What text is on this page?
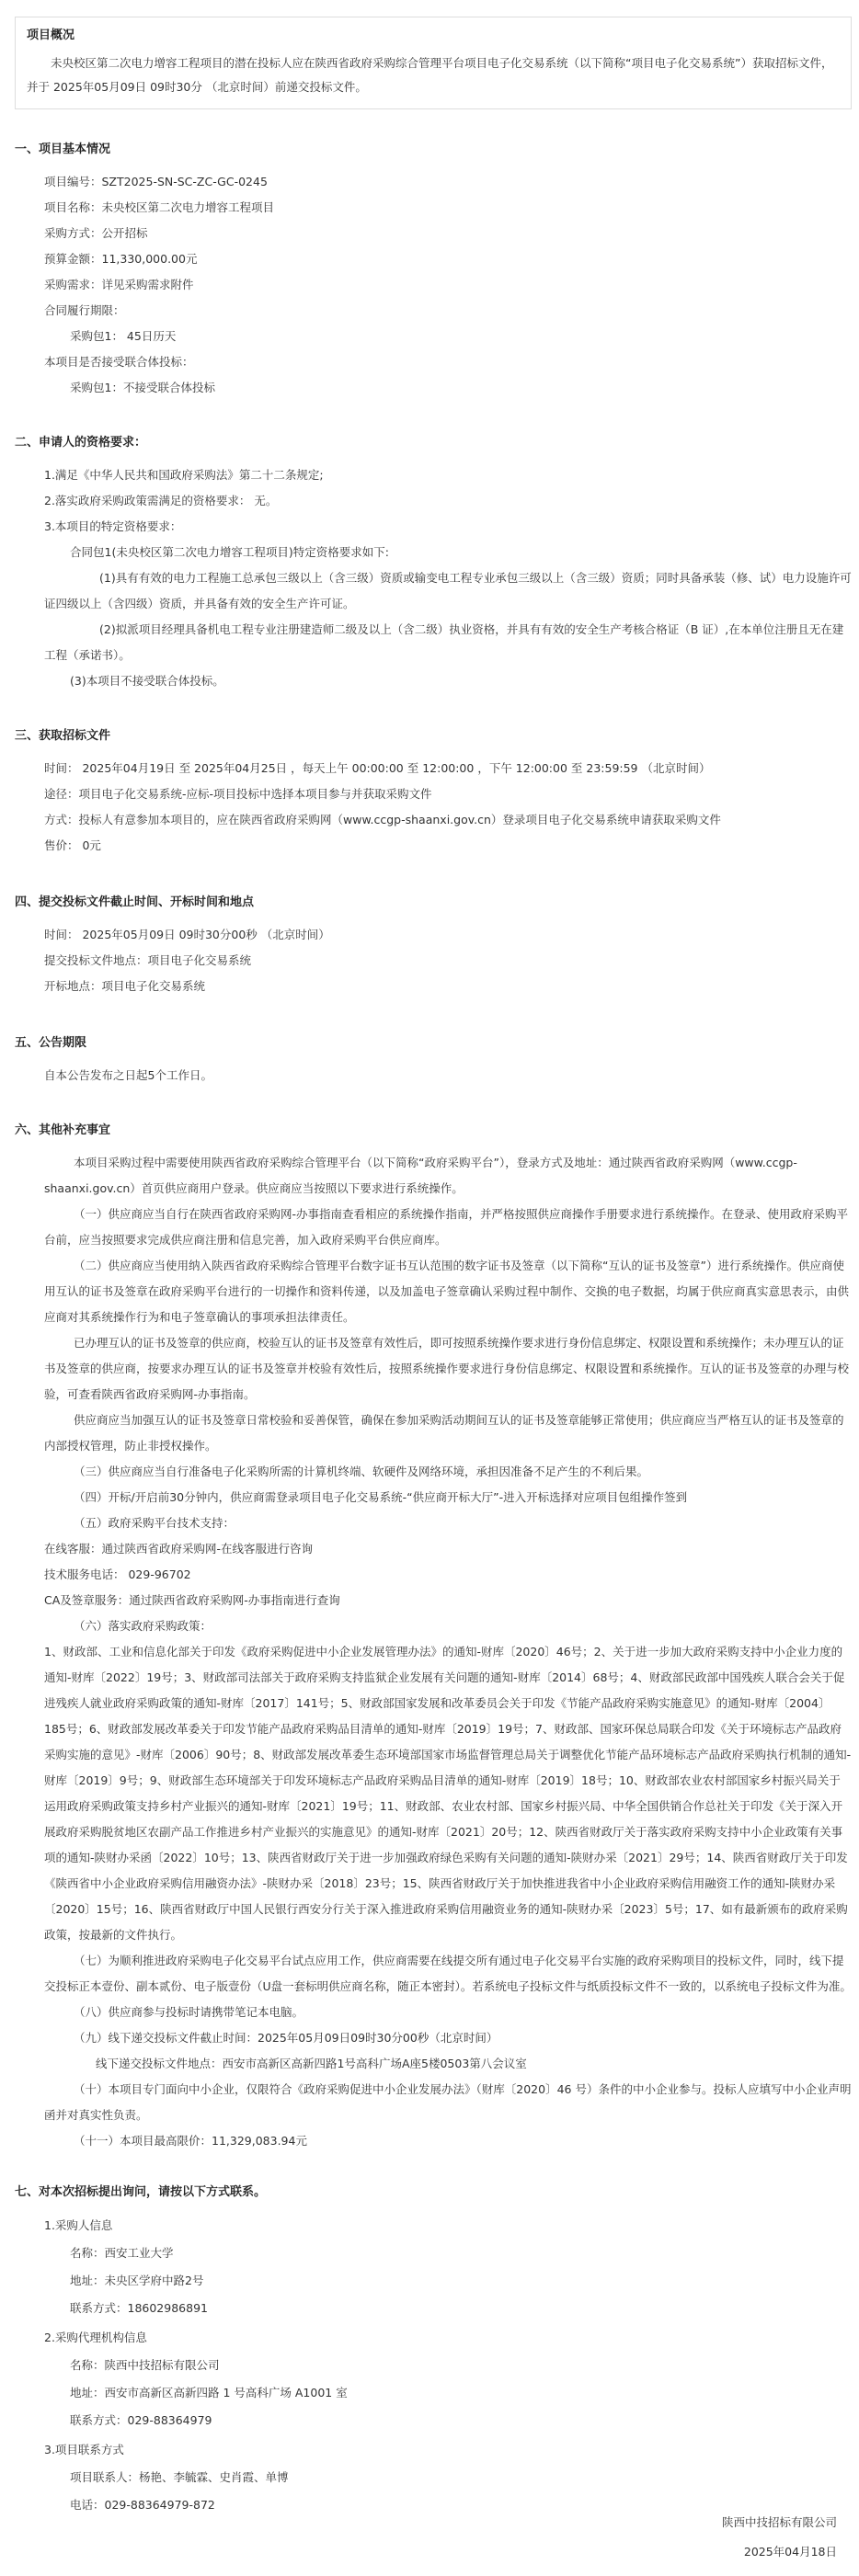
项目概况
未央校区第二次电力增容工程项目的潜在投标人应在陕西省政府采购综合管理平台项目电子化交易系统（以下简称“项目电子化交易系统”）获取招标文件，并于 2025年05月09日 09时30分 （北京时间）前递交投标文件。
一、项目基本情况
项目编号：SZT2025-SN-SC-ZC-GC-0245
项目名称：未央校区第二次电力增容工程项目
采购方式：公开招标
预算金额：11,330,000.00元
采购需求：详见采购需求附件
合同履行期限：
采购包1： 45日历天
本项目是否接受联合体投标：
采购包1：不接受联合体投标
二、申请人的资格要求：
1.满足《中华人民共和国政府采购法》第二十二条规定;
2.落实政府采购政策需满足的资格要求： 无。
3.本项目的特定资格要求：
合同包1(未央校区第二次电力增容工程项目)特定资格要求如下:
(1)具有有效的电力工程施工总承包三级以上（含三级）资质或输变电工程专业承包三级以上（含三级）资质；同时具备承装（修、试）电力设施许可证四级以上（含四级）资质，并具备有效的安全生产许可证。
(2)拟派项目经理具备机电工程专业注册建造师二级及以上（含二级）执业资格，并具有有效的安全生产考核合格证（B 证）,在本单位注册且无在建工程（承诺书）。
(3)本项目不接受联合体投标。
三、获取招标文件
时间： 2025年04月19日 至 2025年04月25日 ，每天上午 00:00:00 至 12:00:00 ，下午 12:00:00 至 23:59:59 （北京时间）
途径：项目电子化交易系统-应标-项目投标中选择本项目参与并获取采购文件
方式：投标人有意参加本项目的，应在陕西省政府采购网（www.ccgp-shaanxi.gov.cn）登录项目电子化交易系统申请获取采购文件
售价： 0元
四、提交投标文件截止时间、开标时间和地点
时间： 2025年05月09日 09时30分00秒 （北京时间）
提交投标文件地点：项目电子化交易系统
开标地点：项目电子化交易系统
五、公告期限
自本公告发布之日起5个工作日。
六、其他补充事宜
本项目采购过程中需要使用陕西省政府采购综合管理平台（以下简称“政府采购平台”），登录方式及地址：通过陕西省政府采购网（www.ccgp-shaanxi.gov.cn）首页供应商用户登录。供应商应当按照以下要求进行系统操作。
（一）供应商应当自行在陕西省政府采购网-办事指南查看相应的系统操作指南，并严格按照供应商操作手册要求进行系统操作。在登录、使用政府采购平台前，应当按照要求完成供应商注册和信息完善，加入政府采购平台供应商库。
（二）供应商应当使用纳入陕西省政府采购综合管理平台数字证书互认范围的数字证书及签章（以下简称“互认的证书及签章”）进行系统操作。供应商使用互认的证书及签章在政府采购平台进行的一切操作和资料传递，以及加盖电子签章确认采购过程中制作、交换的电子数据，均属于供应商真实意思表示，由供应商对其系统操作行为和电子签章确认的事项承担法律责任。
已办理互认的证书及签章的供应商，校验互认的证书及签章有效性后，即可按照系统操作要求进行身份信息绑定、权限设置和系统操作；未办理互认的证书及签章的供应商，按要求办理互认的证书及签章并校验有效性后，按照系统操作要求进行身份信息绑定、权限设置和系统操作。互认的证书及签章的办理与校验，可查看陕西省政府采购网-办事指南。
供应商应当加强互认的证书及签章日常校验和妥善保管，确保在参加采购活动期间互认的证书及签章能够正常使用；供应商应当严格互认的证书及签章的内部授权管理，防止非授权操作。
（三）供应商应当自行准备电子化采购所需的计算机终端、软硬件及网络环境，承担因准备不足产生的不利后果。
（四）开标/开启前30分钟内，供应商需登录项目电子化交易系统-“供应商开标大厅”-进入开标选择对应项目包组操作签到
（五）政府采购平台技术支持：
在线客服：通过陕西省政府采购网-在线客服进行咨询
技术服务电话： 029-96702
CA及签章服务：通过陕西省政府采购网-办事指南进行查询
（六）落实政府采购政策：
1、财政部、工业和信息化部关于印发《政府采购促进中小企业发展管理办法》的通知-财库〔2020〕46号；2、关于进一步加大政府采购支持中小企业力度的通知-财库〔2022〕19号；3、财政部司法部关于政府采购支持监狱企业发展有关问题的通知-财库〔2014〕68号；4、财政部民政部中国残疾人联合会关于促进残疾人就业政府采购政策的通知-财库〔2017〕141号；5、财政部国家发展和改革委员会关于印发《节能产品政府采购实施意见》的通知-财库〔2004〕185号；6、财政部发展改革委关于印发节能产品政府采购品目清单的通知-财库〔2019〕19号；7、财政部、国家环保总局联合印发《关于环境标志产品政府采购实施的意见》-财库〔2006〕90号；8、财政部发展改革委生态环境部国家市场监督管理总局关于调整优化节能产品环境标志产品政府采购执行机制的通知-财库〔2019〕9号；9、财政部生态环境部关于印发环境标志产品政府采购品目清单的通知-财库〔2019〕18号；10、财政部农业农村部国家乡村振兴局关于运用政府采购政策支持乡村产业振兴的通知-财库〔2021〕19号；11、财政部、农业农村部、国家乡村振兴局、中华全国供销合作总社关于印发《关于深入开展政府采购脱贫地区农副产品工作推进乡村产业振兴的实施意见》的通知-财库〔2021〕20号；12、陕西省财政厅关于落实政府采购支持中小企业政策有关事项的通知-陕财办采函〔2022〕10号；13、陕西省财政厅关于进一步加强政府绿色采购有关问题的通知-陕财办采〔2021〕29号；14、陕西省财政厅关于印发《陕西省中小企业政府采购信用融资办法》-陕财办采〔2018〕23号；15、陕西省财政厅关于加快推进我省中小企业政府采购信用融资工作的通知-陕财办采〔2020〕15号；16、陕西省财政厅中国人民银行西安分行关于深入推进政府采购信用融资业务的通知-陕财办采〔2023〕5号；17、如有最新颁布的政府采购政策，按最新的文件执行。
（七）为顺利推进政府采购电子化交易平台试点应用工作，供应商需要在线提交所有通过电子化交易平台实施的政府采购项目的投标文件，同时，线下提交投标正本壹份、副本贰份、电子版壹份（U盘一套标明供应商名称，随正本密封）。若系统电子投标文件与纸质投标文件不一致的，以系统电子投标文件为准。
（八）供应商参与投标时请携带笔记本电脑。
（九）线下递交投标文件截止时间：2025年05月09日09时30分00秒（北京时间）
线下递交投标文件地点：西安市高新区高新四路1号高科广场A座5楼0503第八会议室
（十）本项目专门面向中小企业，仅限符合《政府采购促进中小企业发展办法》（财库〔2020〕46 号）条件的中小企业参与。投标人应填写中小企业声明函并对真实性负责。
（十一）本项目最高限价：11,329,083.94元
七、对本次招标提出询问，请按以下方式联系。
1.采购人信息
名称：西安工业大学
地址：未央区学府中路2号
联系方式：18602986891
2.采购代理机构信息
名称：陕西中技招标有限公司
地址：西安市高新区高新四路 1 号高科广场 A1001 室
联系方式：029-88364979
3.项目联系方式
项目联系人：杨艳、李毓霖、史肖霞、单博
电话：029-88364979-872
陕西中技招标有限公司
2025年04月18日
